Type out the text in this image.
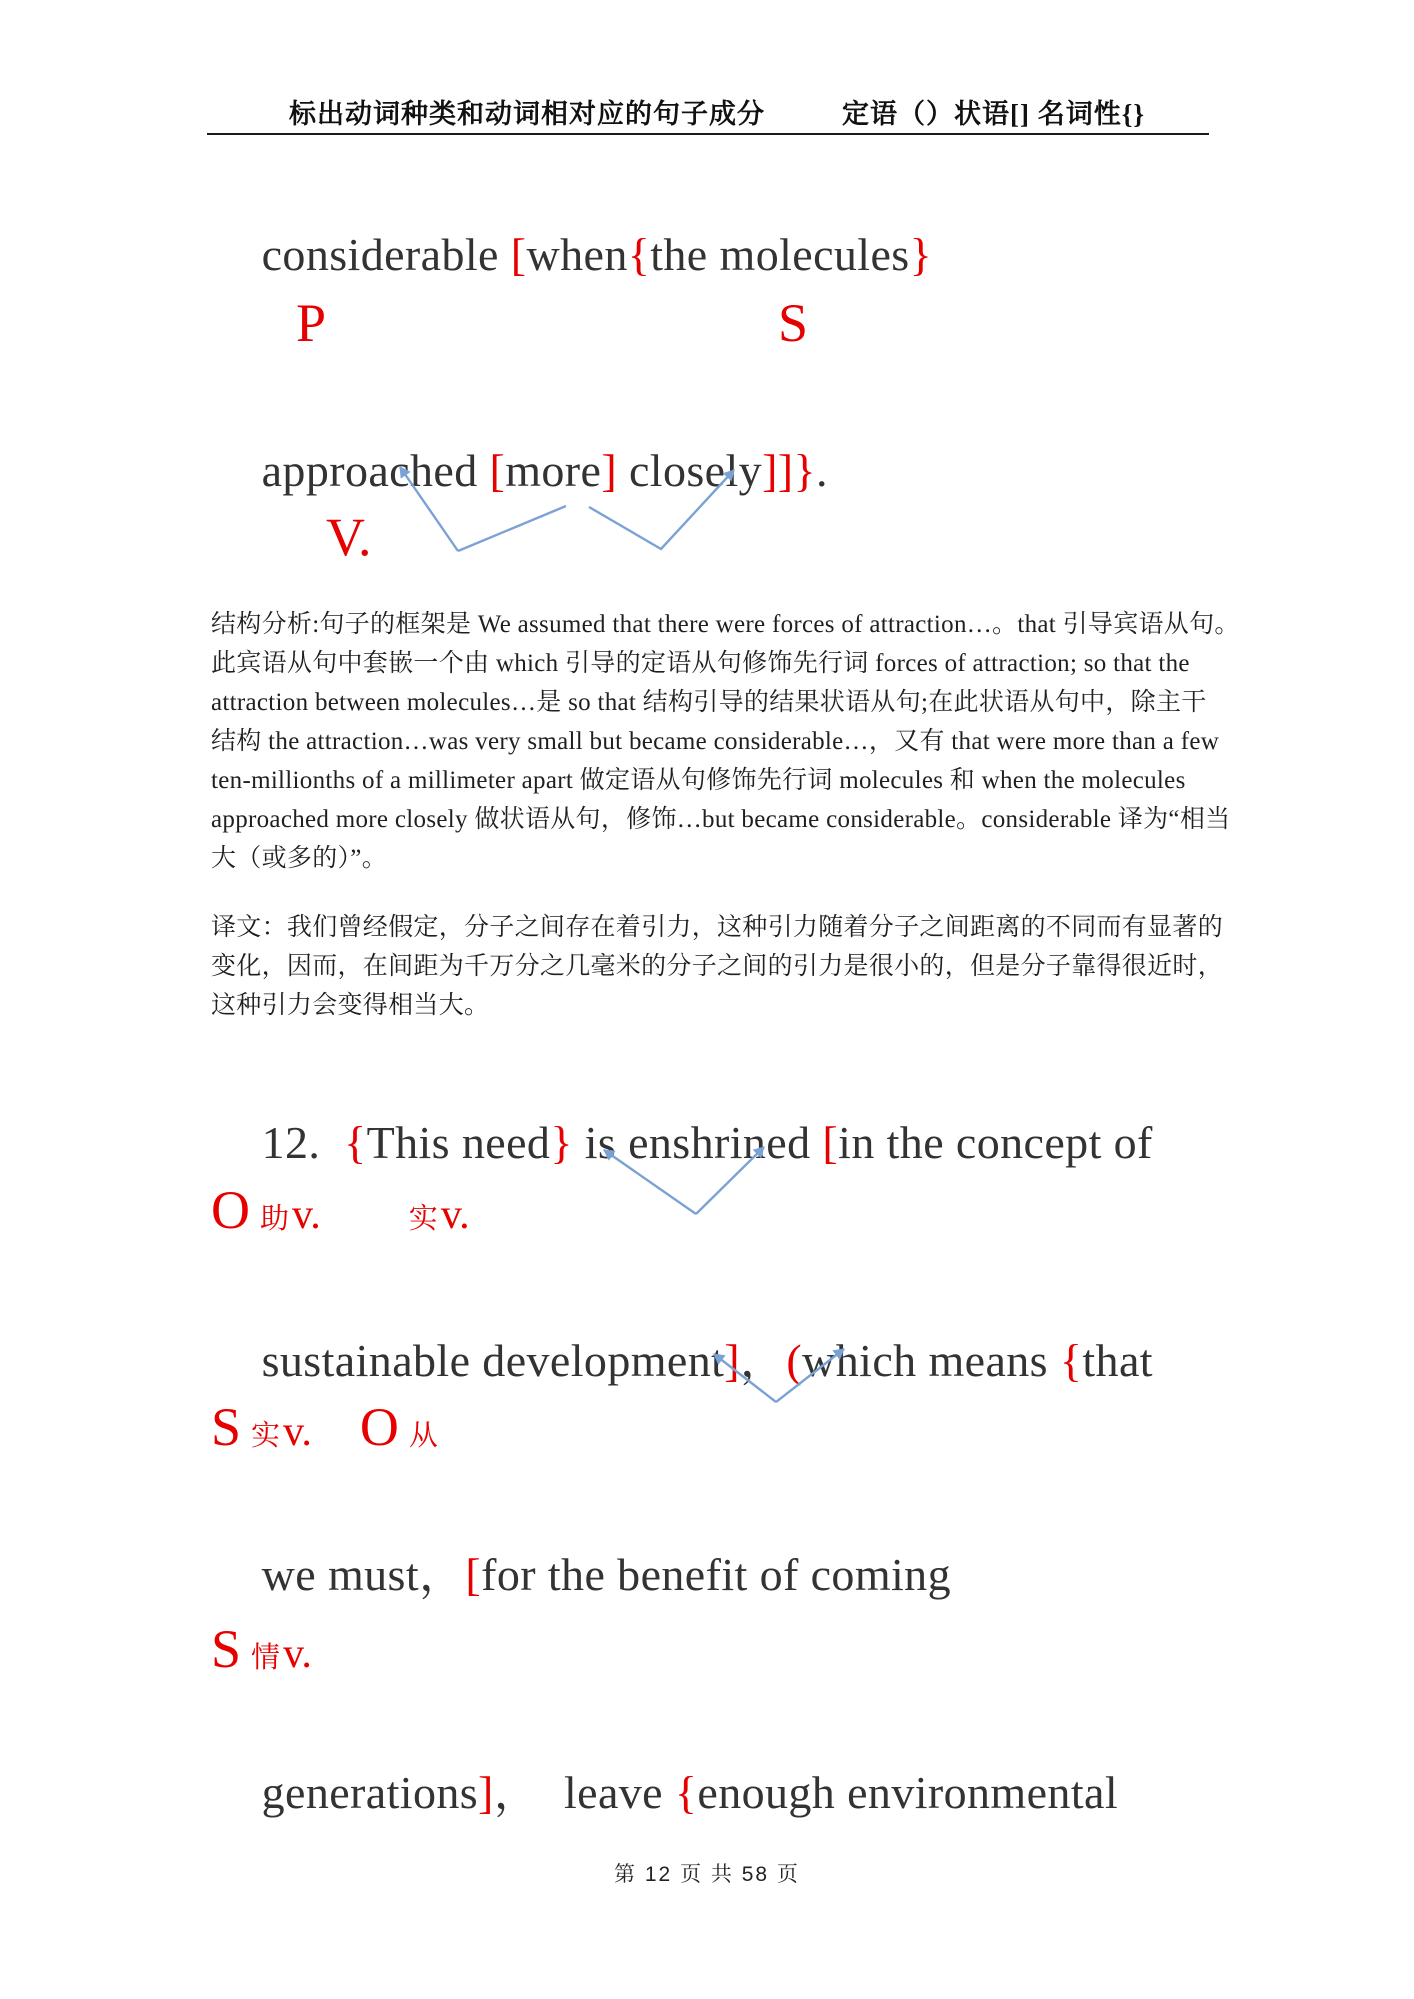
标出动词种类和动词相对应的句子成分	定语（）状语[] 名词性{}

considerable [when{the molecules}

P	S

approached [more] closely]]}.

V.
结构分析:句子的框架是 We assumed that there were forces of attraction…。that 引导宾语从句。
此宾语从句中套嵌一个由 which 引导的定语从句修饰先行词 forces of attraction; so that the
attraction between molecules…是 so that 结构引导的结果状语从句;在此状语从句中，除主干
结构 the attraction…was very small but became considerable…，又有 that were more than a few
ten-millionths of a millimeter apart 做定语从句修饰先行词 molecules 和 when the molecules
approached more closely 做状语从句，修饰…but became considerable。considerable 译为“相当
大（或多的）”。
译文：我们曾经假定，分子之间存在着引力，这种引力随着分子之间距离的不同而有显著的
变化，因而，在间距为千万分之几毫米的分子之间的引力是很小的，但是分子靠得很近时，
这种引力会变得相当大。

12.  {This need} is enshrined [in the concept of

O 助 v.	实 v.

sustainable development]，(which means {that

S 实 v. O 从

we must，[for the benefit of coming

S 情 v.

generations]，  leave {enough environmental

第 12 页 共 58 页
